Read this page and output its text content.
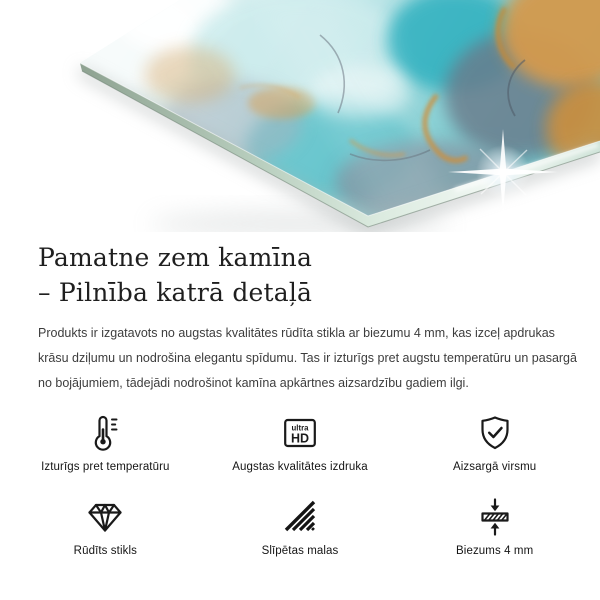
Pamatne zem kamīna
– Pilnība katrā detaļā
Produkts ir izgatavots no augstas kvalitātes rūdīta stikla ar biezumu 4 mm, kas izceļ apdrukas
krāsu dziļumu un nodrošina elegantu spīdumu. Tas ir izturīgs pret augstu temperatūru un pasargā
no bojājumiem, tādejādi nodrošinot kamīna apkārtnes aizsardzību gadiem ilgi.
Izturīgs pret temperatūru
ultra
HD
Augstas kvalitātes izdruka	Aizsargā virsmu
Rūdīts stikls	Slīpētas malas	Biezums 4 mm
